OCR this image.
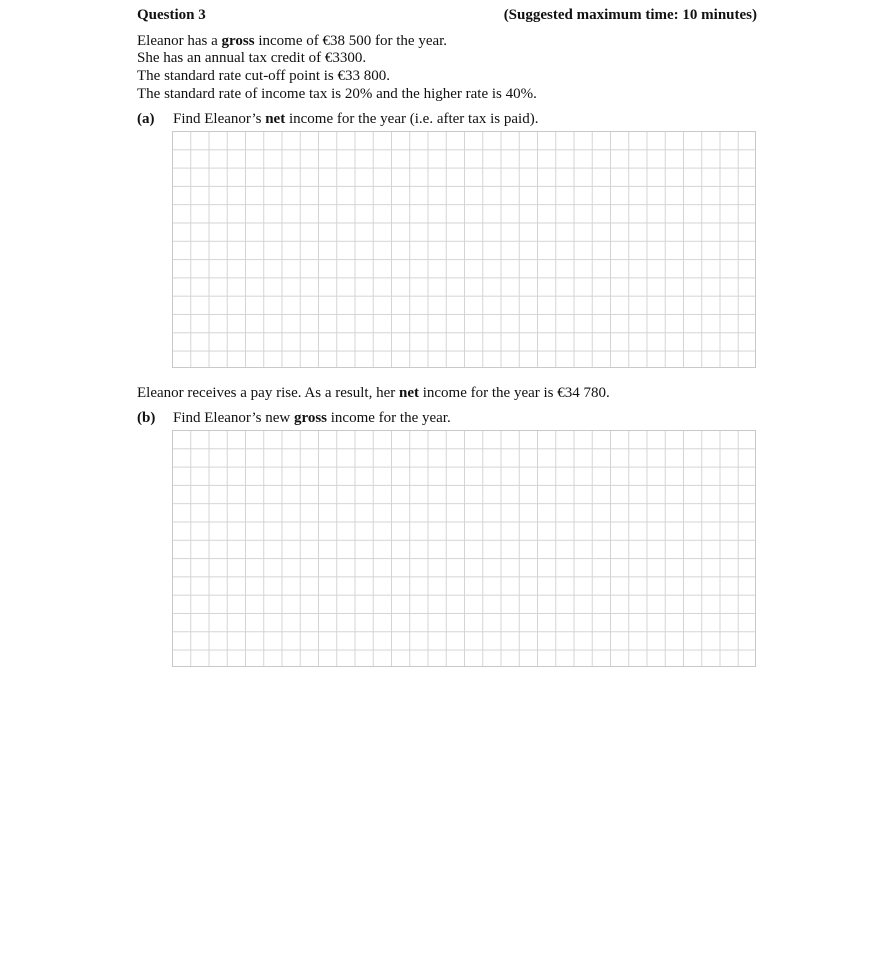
Question 3	(Suggested maximum time: 10 minutes)
Eleanor has a gross income of €38 500 for the year.
She has an annual tax credit of €3300.
The standard rate cut-off point is €33 800.
The standard rate of income tax is 20% and the higher rate is 40%.
(a) Find Eleanor’s net income for the year (i.e. after tax is paid).
Eleanor receives a pay rise. As a result, her net income for the year is €34 780.
(b) Find Eleanor’s new gross income for the year.
